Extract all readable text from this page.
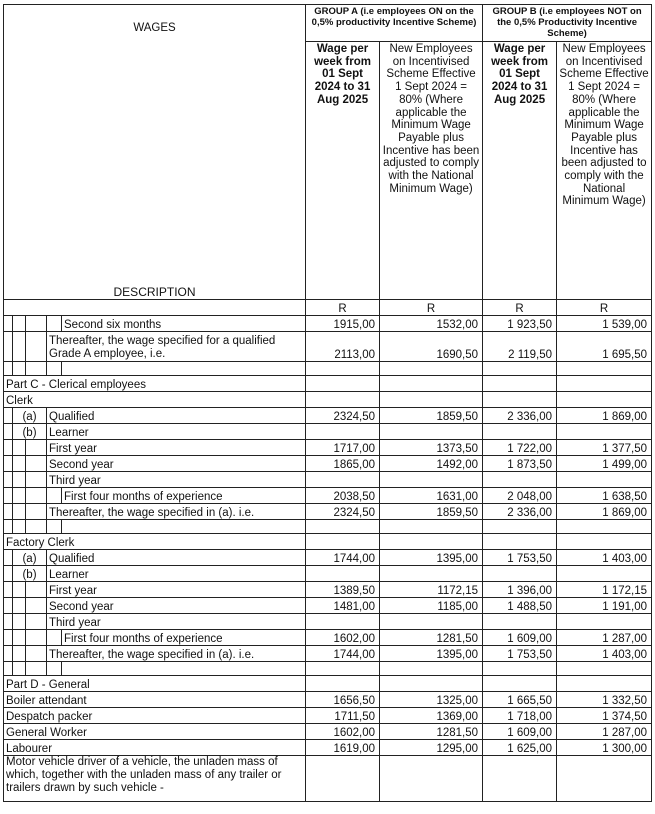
WAGES					GROUP A (i.e employees ON on the 0,5% productivity Incentive Scheme)		GROUP B (i.e employees NOT on the 0,5% Productivity Incentive Scheme)	
DESCRIPTION					Wage per week from 01 Sept 2024 to 31 Aug 2025	New Employees on Incentivised Scheme Effective 1 Sept 2024 = 80% (Where applicable the Minimum Wage Payable plus Incentive has been adjusted to comply with the National Minimum Wage)	Wage per week from 01 Sept 2024 to 31 Aug 2025	New Employees on Incentivised Scheme Effective 1 Sept 2024 = 80% (Where applicable the Minimum Wage Payable plus Incentive has been adjusted to comply with the National Minimum Wage)
					R	R	R	R
				Second six months	1915,00	1532,00	1 923,50	1 539,00
			Thereafter, the wage specified for a qualified Grade A employee, i.e.		2113,00	1690,50	2 119,50	1 695,50

Part C - Clerical employees								
Clerk								
	(a)		Qualified		2324,50	1859,50	2 336,00	1 869,00
	(b)		Learner					
			First year		1717,00	1373,50	1 722,00	1 377,50
			Second year		1865,00	1492,00	1 873,50	1 499,00
			Third year					
				First four months of experience	2038,50	1631,00	2 048,00	1 638,50
			Thereafter, the wage specified in (a). i.e.		2324,50	1859,50	2 336,00	1 869,00

Factory Clerk								
	(a)		Qualified		1744,00	1395,00	1 753,50	1 403,00
	(b)		Learner					
			First year		1389,50	1172,15	1 396,00	1 172,15
			Second year		1481,00	1185,00	1 488,50	1 191,00
			Third year					
				First four months of experience	1602,00	1281,50	1 609,00	1 287,00
			Thereafter, the wage specified in (a). i.e.		1744,00	1395,00	1 753,50	1 403,00

Part D - General								
Boiler attendant					1656,50	1325,00	1 665,50	1 332,50
Despatch packer					1711,50	1369,00	1 718,00	1 374,50
General Worker					1602,00	1281,50	1 609,00	1 287,00
Labourer					1619,00	1295,00	1 625,00	1 300,00
Motor vehicle driver of a vehicle, the unladen mass of which, together with the unladen mass of any trailer or trailers drawn by such vehicle -								
